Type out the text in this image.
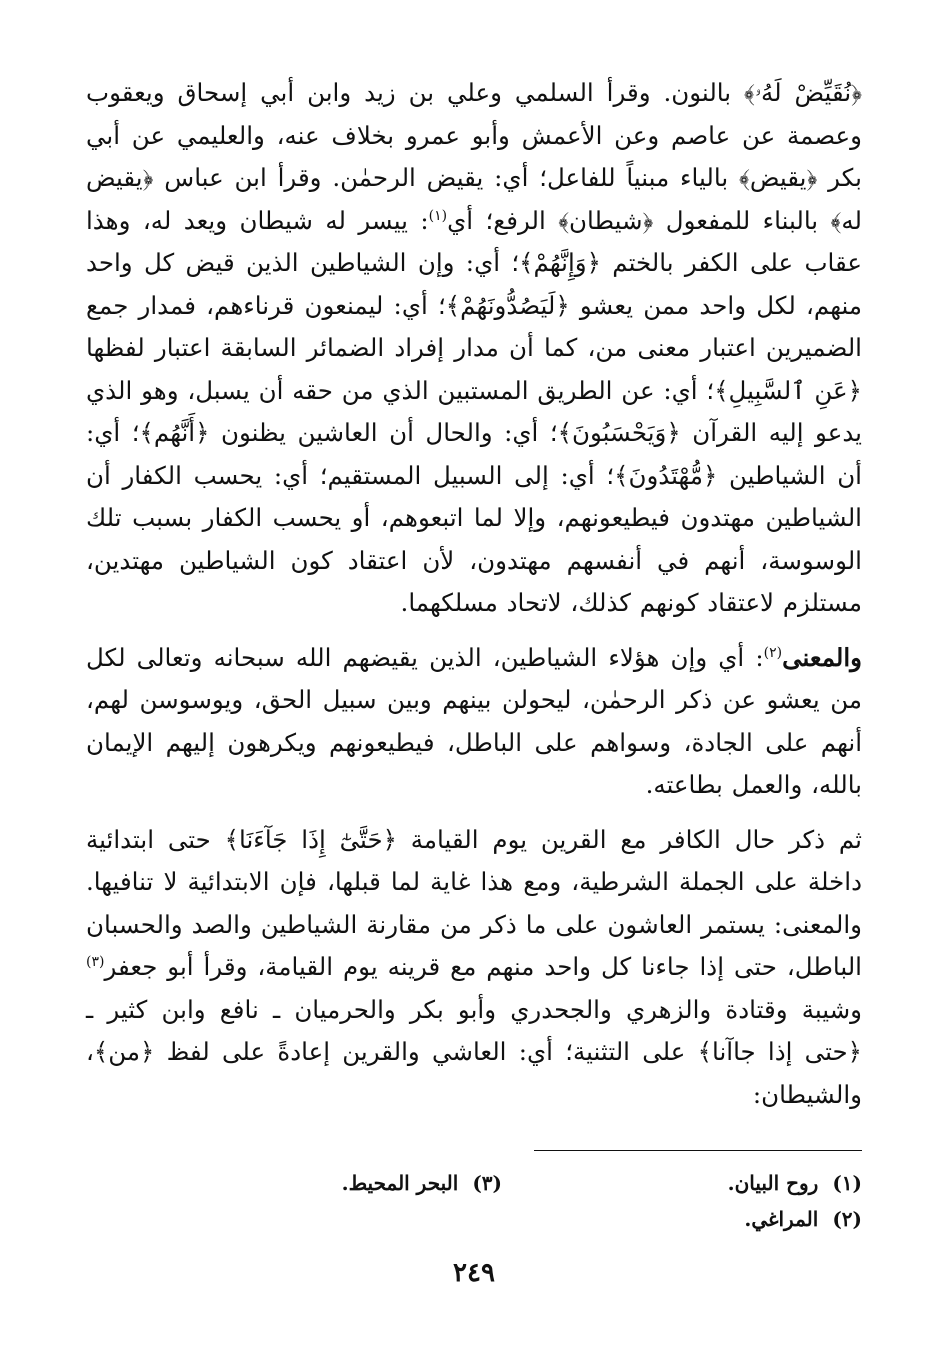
﴿نُقَيِّضْ لَهُۥ﴾ بالنون. وقرأ السلمي وعلي بن زيد وابن أبي إسحاق ويعقوب وعصمة عن عاصم وعن الأعمش وأبو عمرو بخلاف عنه، والعليمي عن أبي بكر ﴿يقيض﴾ بالياء مبنياً للفاعل؛ أي: يقيض الرحمٰن. وقرأ ابن عباس ﴿يقيض له﴾ بالبناء للمفعول ﴿شيطان﴾ الرفع؛ أي$^{(١)}$: ييسر له شيطان ويعد له، وهذا عقاب على الكفر بالختم ﴿وَإِنَّهُمْ﴾؛ أي: وإن الشياطين الذين قيض كل واحد منهم، لكل واحد ممن يعشو ﴿لَيَصُدُّونَهُمْ﴾؛ أي: ليمنعون قرناءهم، فمدار جمع الضميرين اعتبار معنى من، كما أن مدار إفراد الضمائر السابقة اعتبار لفظها ﴿عَنِ ٱلسَّبِيلِ﴾؛ أي: عن الطريق المستبين الذي من حقه أن يسبل، وهو الذي يدعو إليه القرآن ﴿وَيَحْسَبُونَ﴾؛ أي: والحال أن العاشين يظنون ﴿أَنَّهُم﴾؛ أي: أن الشياطين ﴿مُّهْتَدُونَ﴾؛ أي: إلى السبيل المستقيم؛ أي: يحسب الكفار أن الشياطين مهتدون فيطيعونهم، وإلا لما اتبعوهم، أو يحسب الكفار بسبب تلك الوسوسة، أنهم في أنفسهم مهتدون، لأن اعتقاد كون الشياطين مهتدين، مستلزم لاعتقاد كونهم كذلك، لاتحاد مسلكهما.

والمعنى$^{(٢)}$: أي وإن هؤلاء الشياطين، الذين يقيضهم الله سبحانه وتعالى لكل من يعشو عن ذكر الرحمٰن، ليحولن بينهم وبين سبيل الحق، ويوسوسن لهم، أنهم على الجادة، وسواهم على الباطل، فيطيعونهم ويكرهون إليهم الإيمان بالله، والعمل بطاعته.

ثم ذكر حال الكافر مع القرين يوم القيامة ﴿حَتَّىٰٓ إِذَا جَآءَنَا﴾ حتى ابتدائية داخلة على الجملة الشرطية، ومع هذا غاية لما قبلها، فإن الابتدائية لا تنافيها. والمعنى: يستمر العاشون على ما ذكر من مقارنة الشياطين والصد والحسبان الباطل، حتى إذا جاءنا كل واحد منهم مع قرينه يوم القيامة، وقرأ أبو جعفر$^{(٣)}$ وشيبة وقتادة والزهري والجحدري وأبو بكر والحرميان ـ نافع وابن كثير ـ ﴿حتى إذا جاآنا﴾ على التثنية؛ أي: العاشي والقرين إعادةً على لفظ ﴿من﴾، والشيطان:

(١)روح البيان.
(٣)البحر المحيط.
(٢)المراغي.
٢٤٩
